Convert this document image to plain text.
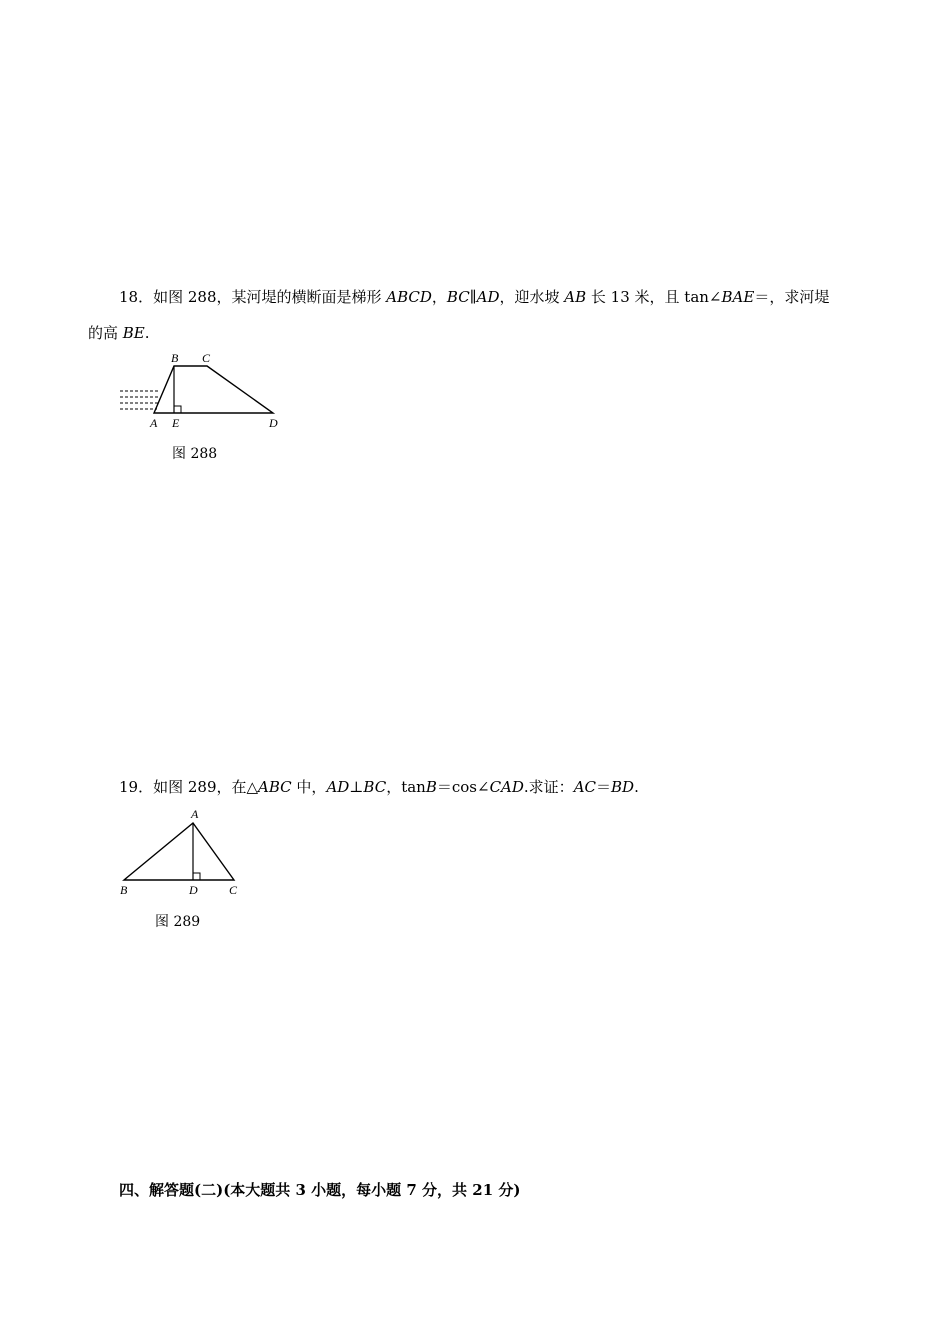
18．如图 288，某河堤的横断面是梯形 ABCD，BC∥AD，迎水坡 AB 长 13 米，且 tan∠BAE＝，求河堤
的高 BE.
B C
A E	D
图 288
19．如图 289，在△ABC 中，AD⊥BC，tanB＝cos∠CAD.求证：AC＝BD.
A
B	D	C
图 289
四、解答题(二)(本大题共 3 小题，每小题 7 分，共 21 分)
